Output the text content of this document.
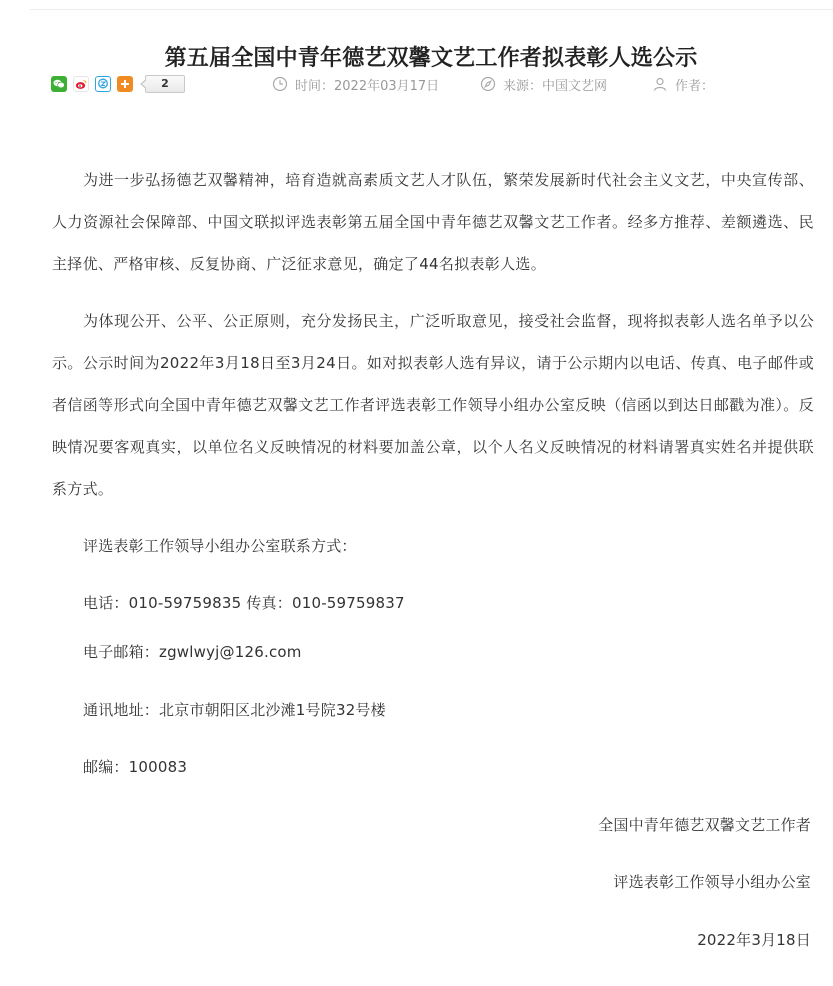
第五届全国中青年德艺双馨文艺工作者拟表彰人选公示
2	时间：2022年03月17日	来源：中国文艺网	作者：

为进一步弘扬德艺双馨精神，培育造就高素质文艺人才队伍，繁荣发展新时代社会主义文艺，中央宣传部、人力资源社会保障部、中国文联拟评选表彰第五届全国中青年德艺双馨文艺工作者。经多方推荐、差额遴选、民主择优、严格审核、反复协商、广泛征求意见，确定了44名拟表彰人选。

为体现公开、公平、公正原则，充分发扬民主，广泛听取意见，接受社会监督，现将拟表彰人选名单予以公示。公示时间为2022年3月18日至3月24日。如对拟表彰人选有异议，请于公示期内以电话、传真、电子邮件或者信函等形式向全国中青年德艺双馨文艺工作者评选表彰工作领导小组办公室反映（信函以到达日邮戳为准）。反映情况要客观真实，以单位名义反映情况的材料要加盖公章，以个人名义反映情况的材料请署真实姓名并提供联系方式。

评选表彰工作领导小组办公室联系方式：
电话：010-59759835 传真：010-59759837
电子邮箱：zgwlwyj@126.com
通讯地址：北京市朝阳区北沙滩1号院32号楼
邮编：100083
全国中青年德艺双馨文艺工作者
评选表彰工作领导小组办公室
2022年3月18日
